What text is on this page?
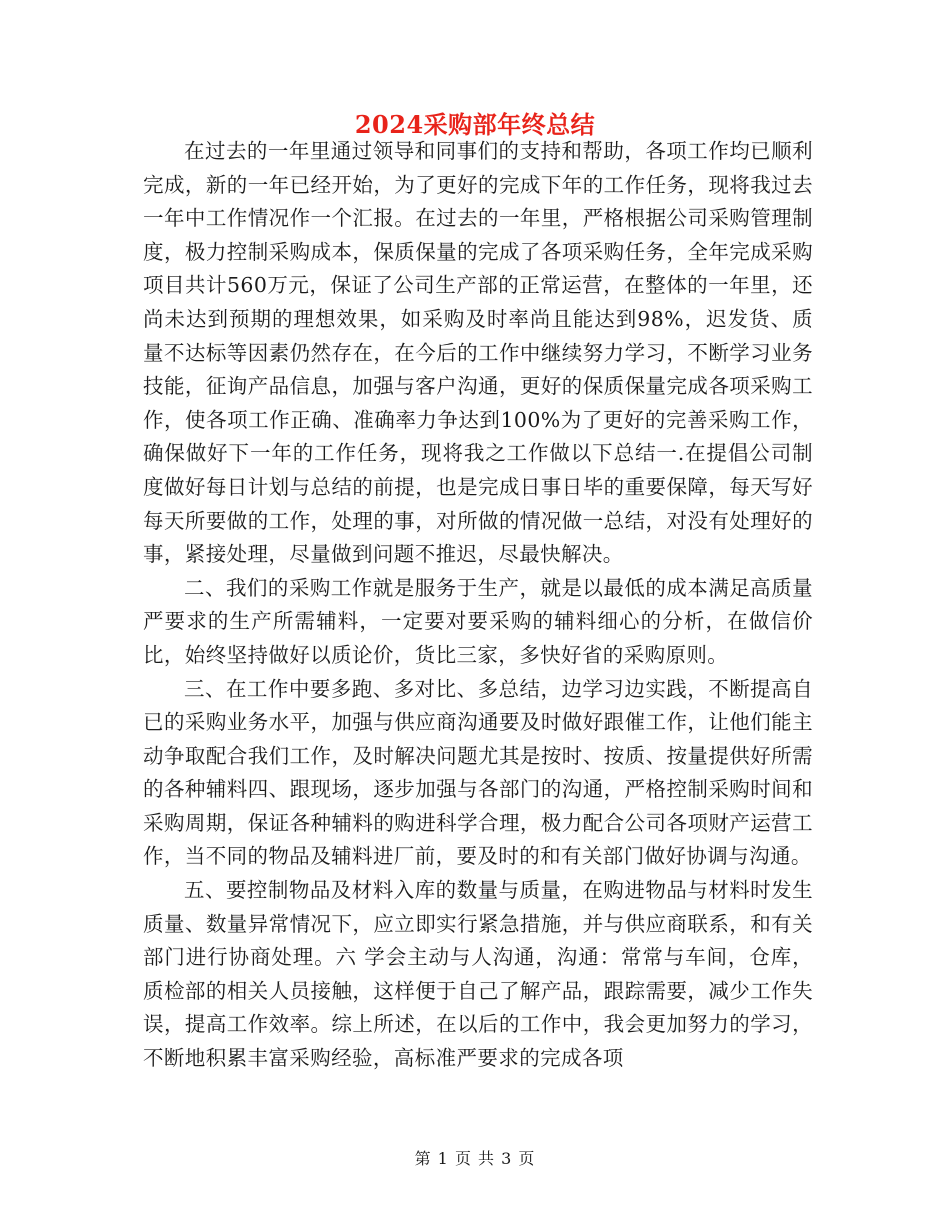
2024采购部年终总结

在过去的一年里通过领导和同事们的支持和帮助，各项工作均已顺利完成，新的一年已经开始，为了更好的完成下年的工作任务，现将我过去一年中工作情况作一个汇报。在过去的一年里，严格根据公司采购管理制度，极力控制采购成本，保质保量的完成了各项采购任务，全年完成采购项目共计560万元，保证了公司生产部的正常运营，在整体的一年里，还尚未达到预期的理想效果，如采购及时率尚且能达到98%，迟发货、质量不达标等因素仍然存在，在今后的工作中继续努力学习，不断学习业务技能，征询产品信息，加强与客户沟通，更好的保质保量完成各项采购工作，使各项工作正确、准确率力争达到100%为了更好的完善采购工作，确保做好下一年的工作任务，现将我之工作做以下总结一.在提倡公司制度做好每日计划与总结的前提，也是完成日事日毕的重要保障，每天写好每天所要做的工作，处理的事，对所做的情况做一总结，对没有处理好的事，紧接处理，尽量做到问题不推迟，尽最快解决。

二、我们的采购工作就是服务于生产，就是以最低的成本满足高质量严要求的生产所需辅料，一定要对要采购的辅料细心的分析，在做信价比，始终坚持做好以质论价，货比三家，多快好省的采购原则。

三、在工作中要多跑、多对比、多总结，边学习边实践，不断提高自已的采购业务水平，加强与供应商沟通要及时做好跟催工作，让他们能主动争取配合我们工作，及时解决问题尤其是按时、按质、按量提供好所需的各种辅料四、跟现场，逐步加强与各部门的沟通，严格控制采购时间和采购周期，保证各种辅料的购进科学合理，极力配合公司各项财产运营工作，当不同的物品及辅料进厂前，要及时的和有关部门做好协调与沟通。

五、要控制物品及材料入库的数量与质量，在购进物品与材料时发生质量、数量异常情况下，应立即实行紧急措施，并与供应商联系，和有关部门进行协商处理。六 学会主动与人沟通，沟通：常常与车间，仓库，质检部的相关人员接触，这样便于自己了解产品，跟踪需要，减少工作失误，提高工作效率。综上所述，在以后的工作中，我会更加努力的学习，不断地积累丰富采购经验，高标准严要求的完成各项

第 1 页 共 3 页
